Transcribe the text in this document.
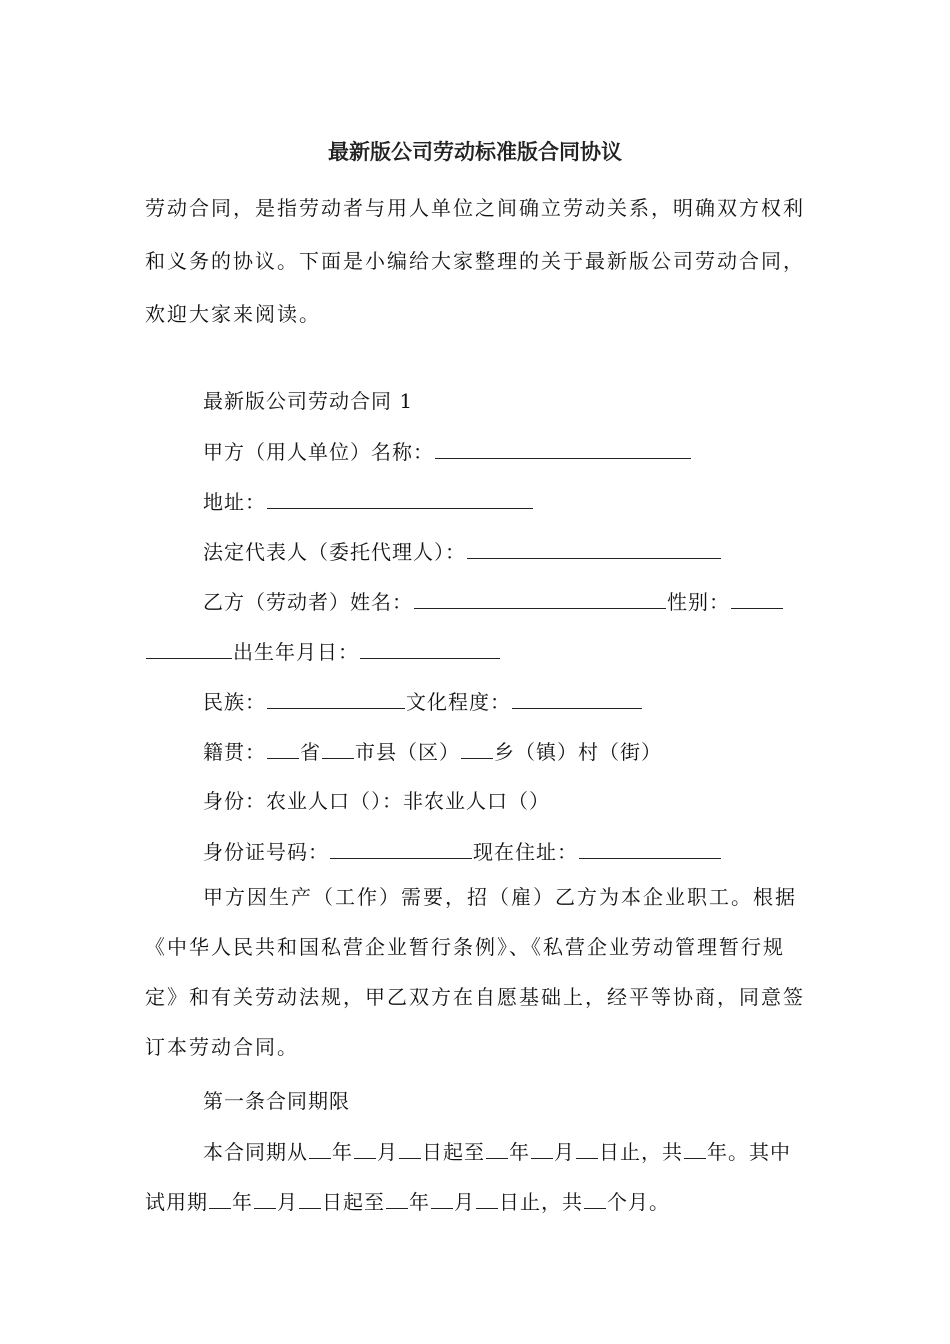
最新版公司劳动标准版合同协议
劳动合同，是指劳动者与用人单位之间确立劳动关系，明确双方权利和义务的协议。下面是小编给大家整理的关于最新版公司劳动合同，欢迎大家来阅读。
最新版公司劳动合同 1
甲方（用人单位）名称：
地址：
法定代表人（委托代理人）：
乙方（劳动者）姓名：	性别：
出生年月日：
民族：	文化程度：
籍贯： 省 市县（区） 乡（镇）村（街）
身份：农业人口（）：非农业人口（）
身份证号码：	现在住址：
甲方因生产（工作）需要，招（雇）乙方为本企业职工。根据《中华人民共和国私营企业暂行条例》、《私营企业劳动管理暂行规定》和有关劳动法规，甲乙双方在自愿基础上，经平等协商，同意签订本劳动合同。
第一条合同期限
本合同期从 年 月 日起至 年 月 日止，共 年。其中
试用期 年 月 日起至 年 月 日止，共 个月。
